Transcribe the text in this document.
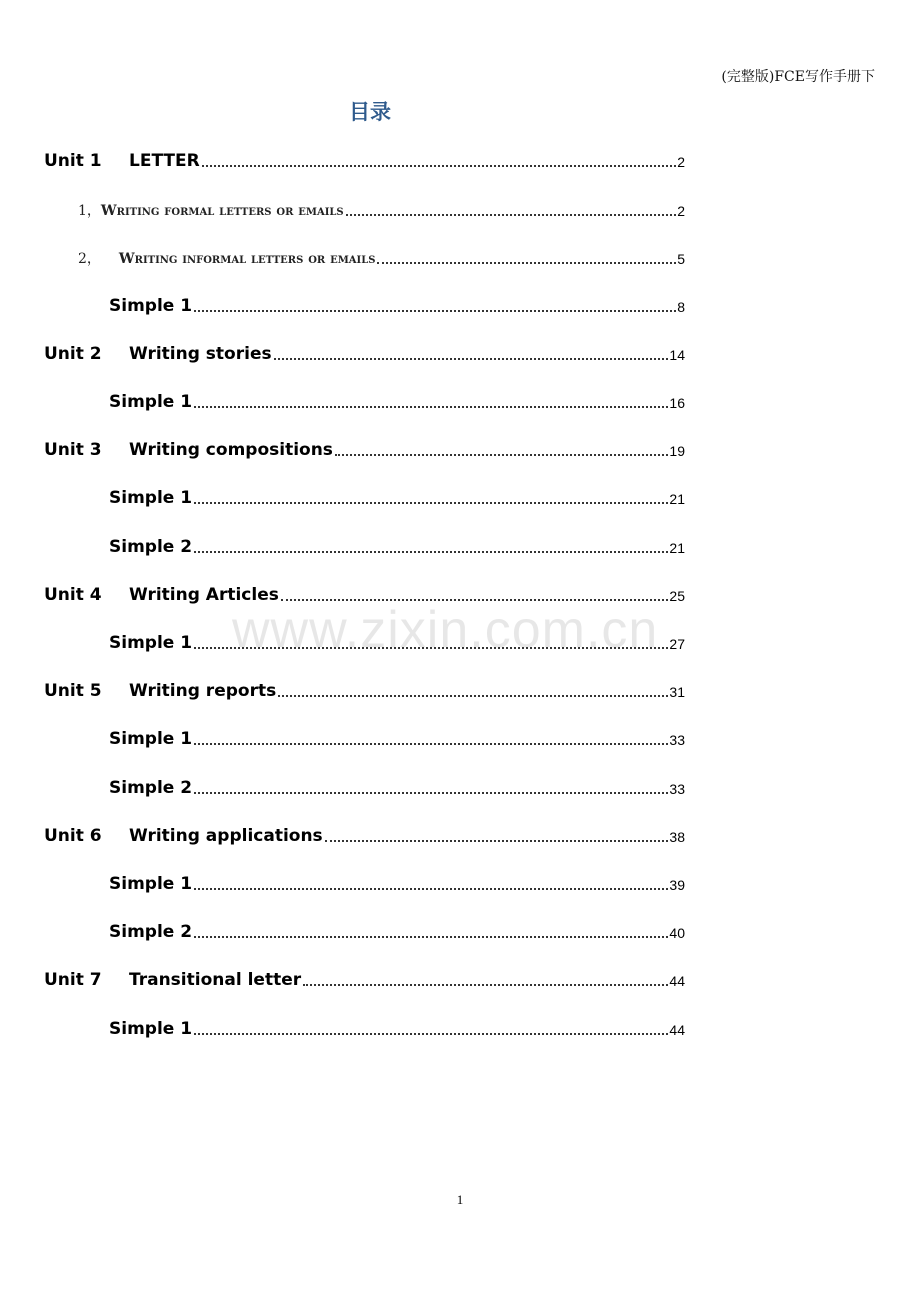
(完整版)FCE写作手册下
目录
www.zixin.com.cn
Unit 1 LETTER	2
1，Writing formal letters or emails	2
2， Writing informal letters or emails	5
Simple 1	8
Unit 2 Writing stories	14
Simple 1	16
Unit 3 Writing compositions	19
Simple 1	21
Simple 2	21
Unit 4 Writing Articles	25
Simple 1	27
Unit 5 Writing reports	31
Simple 1	33
Simple 2	33
Unit 6 Writing applications	38
Simple 1	39
Simple 2	40
Unit 7 Transitional letter	44
Simple 1	44
1
